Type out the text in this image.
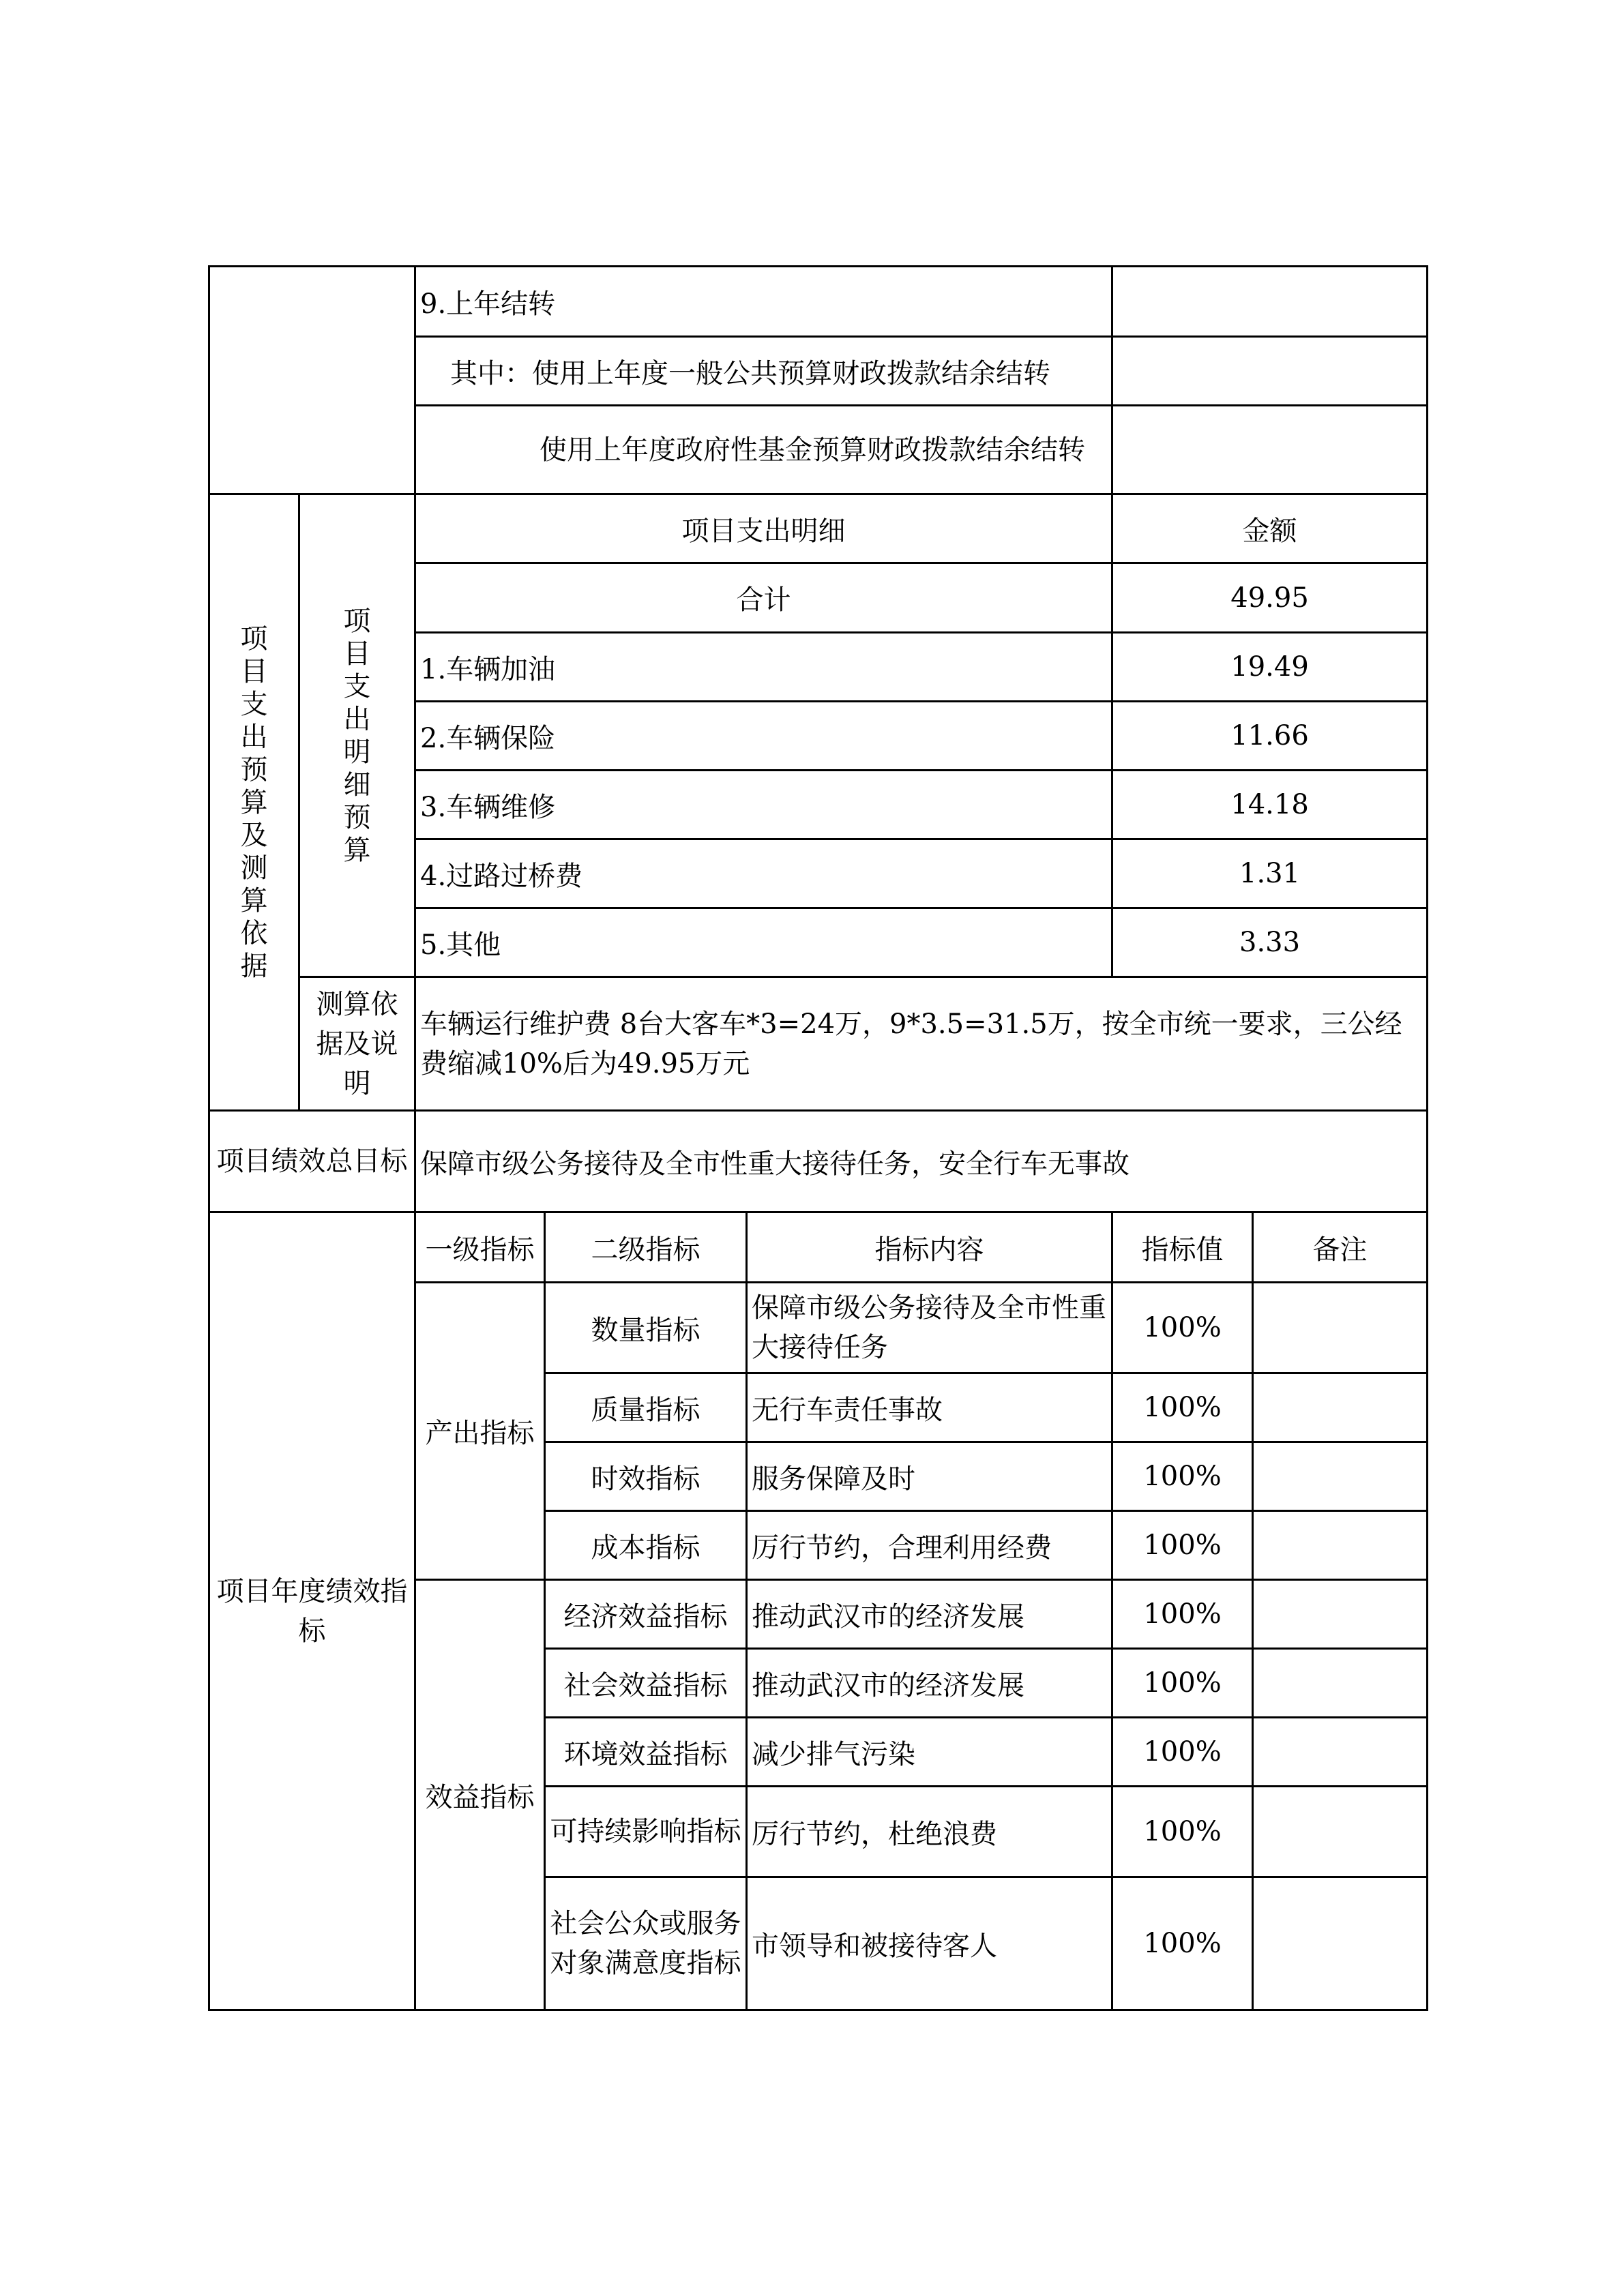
		9.上年结转				
		其中：使用上年度一般公共预算财政拨款结余结转				

		使用上年度政府性基金预算财政拨款结余结转				

项目支出预算及测算依据	项目支出明细预算	项目支出明细			金额	
		合计			49.95	
		1.车辆加油			19.49	
		2.车辆保险			11.66	
		3.车辆维修			14.18	
		4.过路过桥费			1.31	
		5.其他			3.33	
	测算依据及说明	车辆运行维护费 8台大客车*3=24万，9*3.5=31.5万，按全市统一要求，三公经费缩减10%后为49.95万元				
项目绩效总目标		保障市级公务接待及全市性重大接待任务，安全行车无事故				
项目年度绩效指标		一级指标	二级指标	指标内容	指标值	备注
		产出指标	数量指标	保障市级公务接待及全市性重大接待任务	100%	
			质量指标	无行车责任事故	100%	
			时效指标	服务保障及时	100%	
			成本指标	厉行节约，合理利用经费	100%	
		效益指标	经济效益指标	推动武汉市的经济发展	100%	
			社会效益指标	推动武汉市的经济发展	100%	
			环境效益指标	减少排气污染	100%	
			可持续影响指标	厉行节约，杜绝浪费	100%	
			社会公众或服务对象满意度指标	市领导和被接待客人	100%	
